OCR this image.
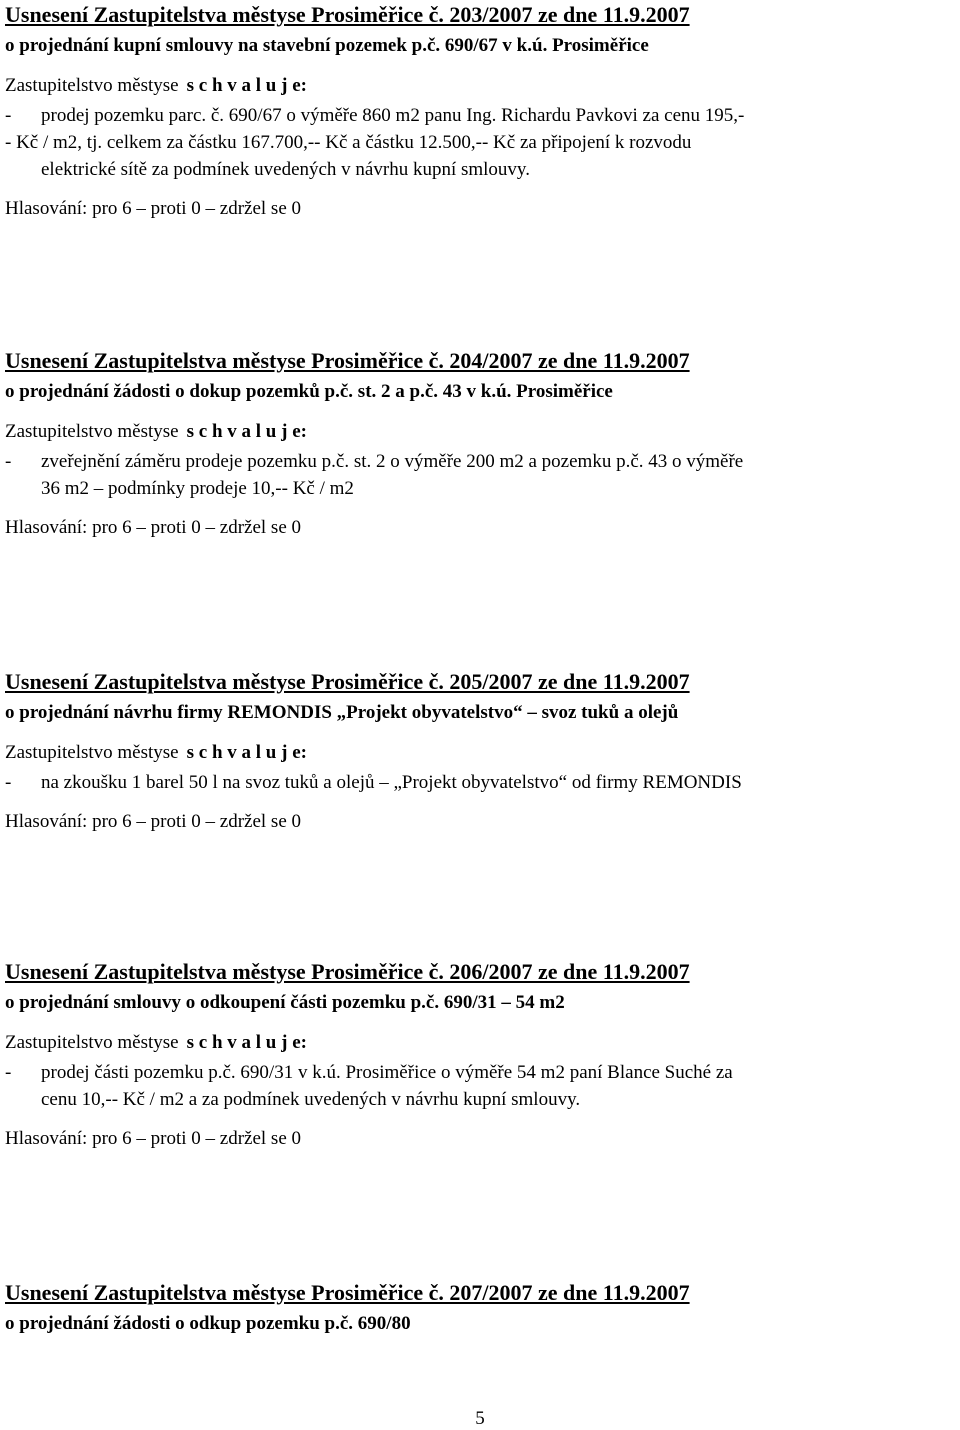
Usnesení Zastupitelstva městyse Prosiměřice č. 203/2007 ze dne 11.9.2007
o projednání kupní smlouvy na stavební pozemek p.č. 690/67 v k.ú. Prosiměřice
Zastupitelstvo městyse s c h v a l u j e:
-	prodej pozemku parc. č. 690/67 o výměře 860 m2 panu Ing. Richardu Pavkovi za cenu 195,-
- Kč / m2, tj. celkem za částku 167.700,-- Kč a částku 12.500,-- Kč za připojení k rozvodu
elektrické sítě za podmínek uvedených v návrhu kupní smlouvy.
Hlasování: pro 6 – proti 0 – zdržel se 0
Usnesení Zastupitelstva městyse Prosiměřice č. 204/2007 ze dne 11.9.2007
o projednání žádosti o dokup pozemků p.č. st. 2 a p.č. 43 v k.ú. Prosiměřice
Zastupitelstvo městyse s c h v a l u j e:
-	zveřejnění záměru prodeje pozemku p.č. st. 2 o výměře 200 m2 a pozemku p.č. 43 o výměře
36 m2 – podmínky prodeje 10,-- Kč / m2
Hlasování: pro 6 – proti 0 – zdržel se 0
Usnesení Zastupitelstva městyse Prosiměřice č. 205/2007 ze dne 11.9.2007
o projednání návrhu firmy REMONDIS „Projekt obyvatelstvo“ – svoz tuků a olejů
Zastupitelstvo městyse s c h v a l u j e:
-	na zkoušku 1 barel 50 l na svoz tuků a olejů – „Projekt obyvatelstvo“ od firmy REMONDIS
Hlasování: pro 6 – proti 0 – zdržel se 0
Usnesení Zastupitelstva městyse Prosiměřice č. 206/2007 ze dne 11.9.2007
o projednání smlouvy o odkoupení části pozemku p.č. 690/31 – 54 m2
Zastupitelstvo městyse s c h v a l u j e:
-	prodej části pozemku p.č. 690/31 v k.ú. Prosiměřice o výměře 54 m2 paní Blance Suché za
cenu 10,-- Kč / m2 a za podmínek uvedených v návrhu kupní smlouvy.
Hlasování: pro 6 – proti 0 – zdržel se 0
Usnesení Zastupitelstva městyse Prosiměřice č. 207/2007 ze dne 11.9.2007
o projednání žádosti o odkup pozemku p.č. 690/80
5
